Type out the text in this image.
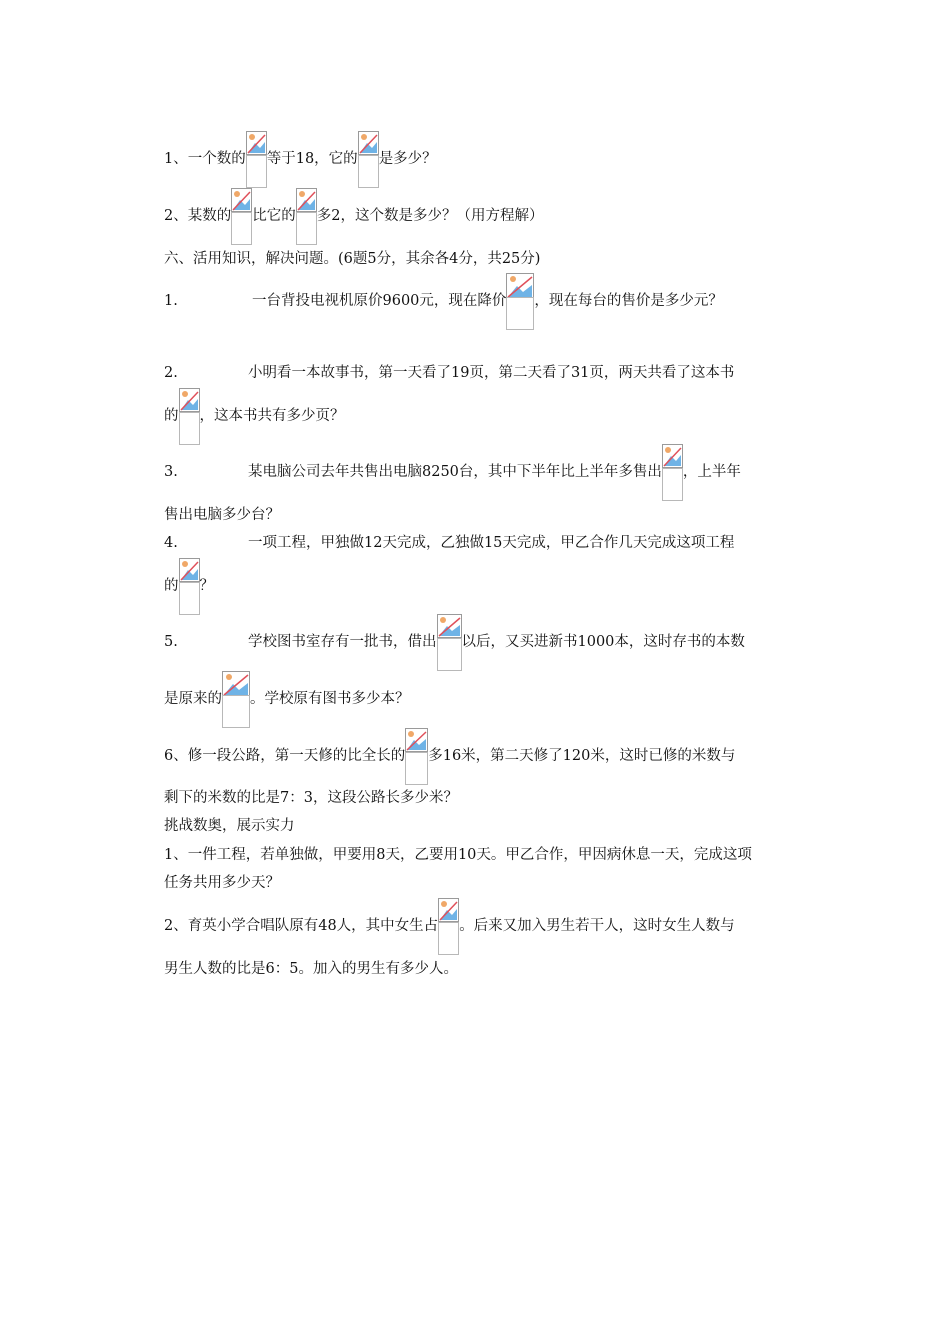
1、一个数的 等于18，它的 是多少？
2、某数的 比它的 多2，这个数是多少？（用方程解）
六、活用知识，解决问题。(6题5分，其余各4分，共25分)
1.	一台背投电视机原价9600元，现在降价 ，现在每台的售价是多少元？
2.	小明看一本故事书，第一天看了19页，第二天看了31页，两天共看了这本书
的 ，这本书共有多少页？
3.	某电脑公司去年共售出电脑8250台，其中下半年比上半年多售出 ，上半年
售出电脑多少台？
4.	一项工程，甲独做12天完成，乙独做15天完成，甲乙合作几天完成这项工程
的 ？
5.	学校图书室存有一批书，借出 以后，又买进新书1000本，这时存书的本数
是原来的 。学校原有图书多少本？
6、修一段公路，第一天修的比全长的 多16米，第二天修了120米，这时已修的米数与
剩下的米数的比是7：3，这段公路长多少米？
挑战数奥，展示实力
1、一件工程，若单独做，甲要用8天，乙要用10天。甲乙合作，甲因病休息一天，完成这项
任务共用多少天？
2、育英小学合唱队原有48人，其中女生占 。后来又加入男生若干人，这时女生人数与
男生人数的比是6：5。加入的男生有多少人。
